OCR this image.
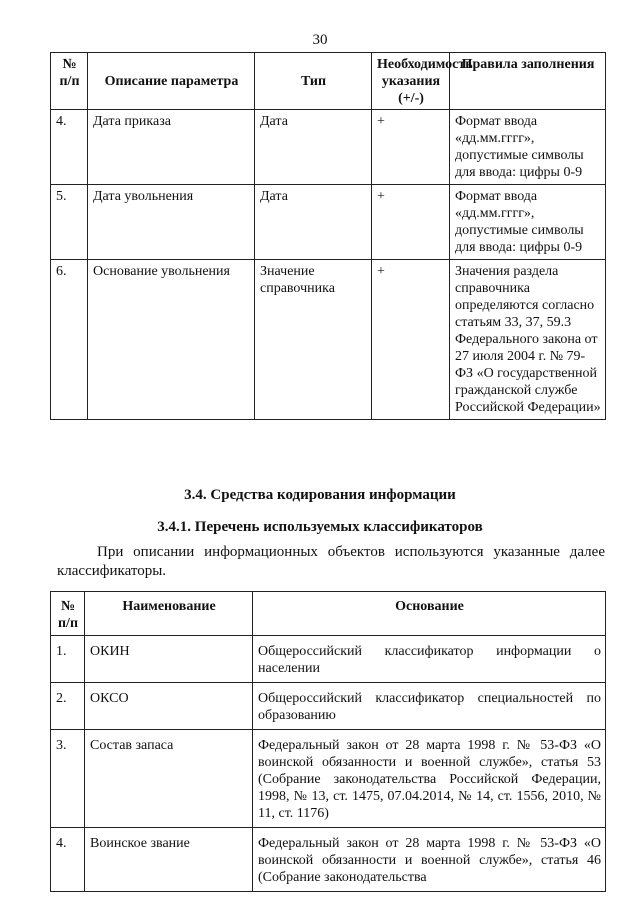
30
№ п/п	Описание параметра	Тип	Необходимость указания (+/-)	Правила заполнения
4.	Дата приказа	Дата	+	Формат ввода «дд.мм.гггг», допустимые символы для ввода: цифры 0-9
5.	Дата увольнения	Дата	+	Формат ввода «дд.мм.гггг», допустимые символы для ввода: цифры 0-9
6.	Основание увольнения	Значение справочника	+	Значения раздела справочника определяются согласно статьям 33, 37, 59.3 Федерального закона от 27 июля 2004 г. № 79-ФЗ «О государственной гражданской службе Российской Федерации»
3.4. Средства кодирования информации
3.4.1. Перечень используемых классификаторов
При описании информационных объектов используются указанные далее классификаторы.
№ п/п	Наименование	Основание
1.	ОКИН	Общероссийский классификатор информации о населении
2.	ОКСО	Общероссийский классификатор специальностей по образованию
3.	Состав запаса	Федеральный закон от 28 марта 1998 г. № 53-ФЗ «О воинской обязанности и военной службе», статья 53 (Собрание законодательства Российской Федерации, 1998, № 13, ст. 1475, 07.04.2014, № 14, ст. 1556, 2010, № 11, ст. 1176)
4.	Воинское звание	Федеральный закон от 28 марта 1998 г. № 53-ФЗ «О воинской обязанности и военной службе», статья 46 (Собрание законодательства
